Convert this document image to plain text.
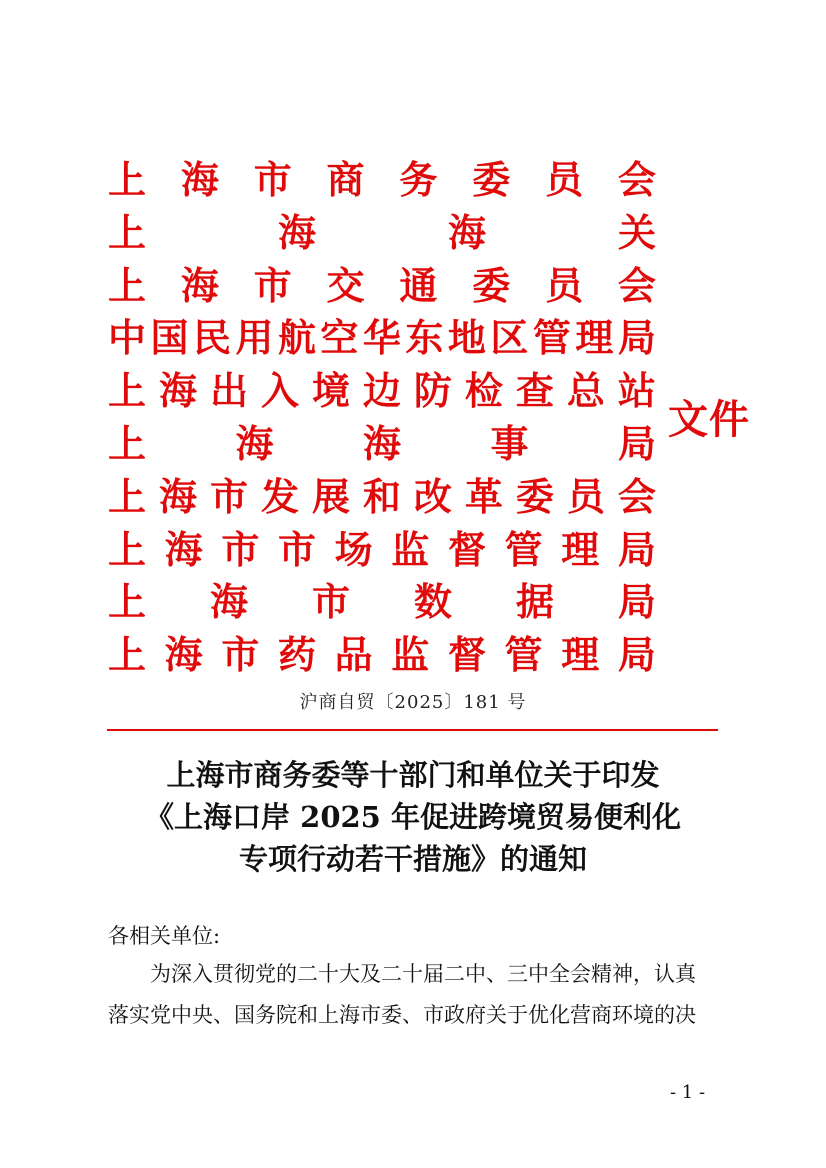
上 海 市 商 务 委 员 会
上	海	海	关
上 海 市 交 通 委 员 会
中 国 民 用 航 空 华 东 地 区 管 理 局
上 海 出 入 境 边 防 检 查 总 站
上 海 海 事 局
上 海 市 发 展 和 改 革 委 员 会
上 海 市 市 场 监 督 管 理 局
上 海 市 数 据 局
上 海 市 药 品 监 督 管 理 局
文件
沪商自贸〔2025〕181 号
上海市商务委等十部门和单位关于印发
《上海口岸 2025 年促进跨境贸易便利化
专项行动若干措施》的通知
各相关单位:
为深入贯彻党的二十大及二十届二中、三中全会精神，认真
落实党中央、国务院和上海市委、市政府关于优化营商环境的决
- 1 -
